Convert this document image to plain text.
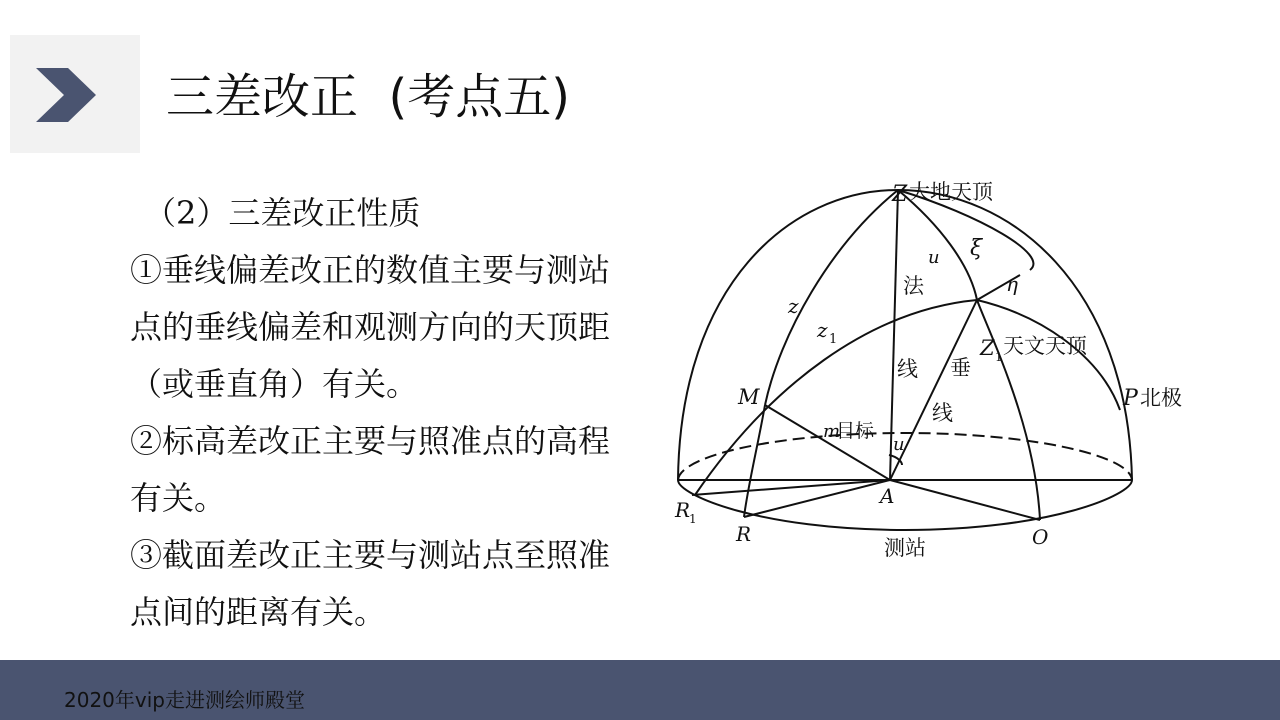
三差改正  (考点五)

（2）三差改正性质

①垂线偏差改正的数值主要与测站点的垂线偏差和观测方向的天顶距（或垂直角）有关。

②标高差改正主要与照准点的高程有关。

③截面差改正主要与测站点至照准点间的距离有关。

Z 大地天顶
u ξ
η
z
z 1
法
线 垂
线
Z 1 天文天顶
P 北极
M
m
目标
u
A
R
1
R	O
测站
2020年vip走进测绘师殿堂
